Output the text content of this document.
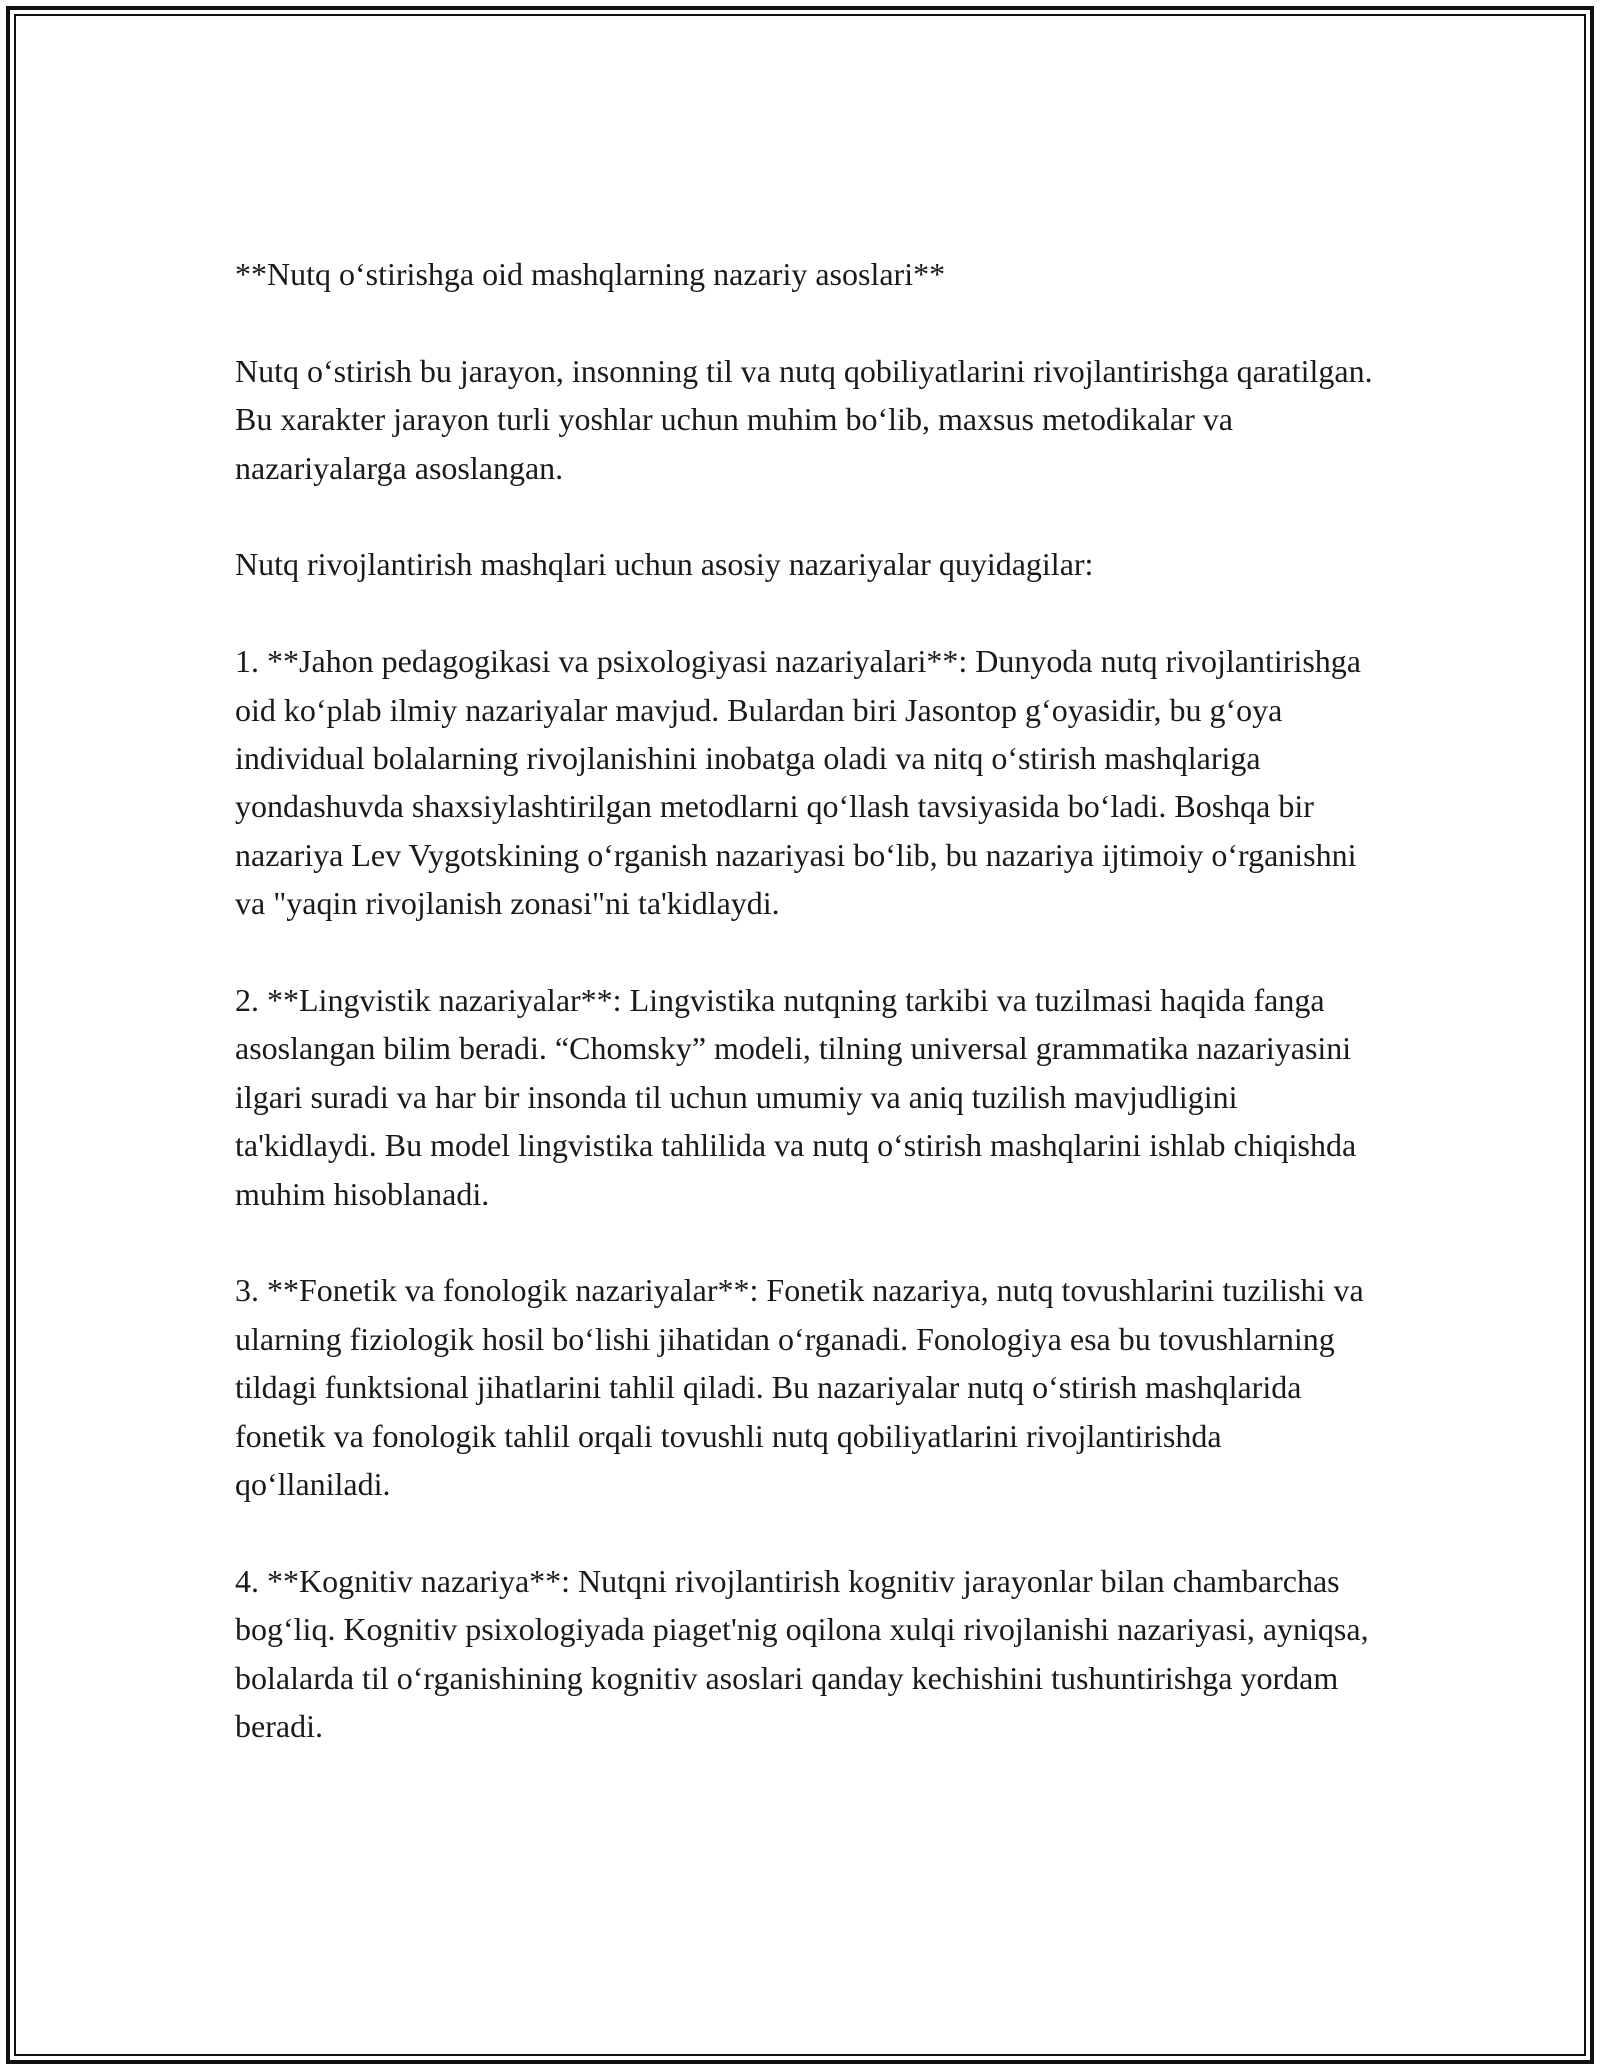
**Nutq o‘stirishga oid mashqlarning nazariy asoslari**

Nutq o‘stirish bu jarayon, insonning til va nutq qobiliyatlarini rivojlantirishga qaratilgan. Bu xarakter jarayon turli yoshlar uchun muhim bo‘lib, maxsus metodikalar va nazariyalarga asoslangan.

Nutq rivojlantirish mashqlari uchun asosiy nazariyalar quyidagilar:

1. **Jahon pedagogikasi va psixologiyasi nazariyalari**: Dunyoda nutq rivojlantirishga oid ko‘plab ilmiy nazariyalar mavjud. Bulardan biri Jasontop g‘oyasidir, bu g‘oya individual bolalarning rivojlanishini inobatga oladi va nitq o‘stirish mashqlariga yondashuvda shaxsiylashtirilgan metodlarni qo‘llash tavsiyasida bo‘ladi. Boshqa bir nazariya Lev Vygotskining o‘rganish nazariyasi bo‘lib, bu nazariya ijtimoiy o‘rganishni va "yaqin rivojlanish zonasi"ni ta'kidlaydi.

2. **Lingvistik nazariyalar**: Lingvistika nutqning tarkibi va tuzilmasi haqida fanga asoslangan bilim beradi. “Chomsky” modeli, tilning universal grammatika nazariyasini ilgari suradi va har bir insonda til uchun umumiy va aniq tuzilish mavjudligini ta'kidlaydi. Bu model lingvistika tahlilida va nutq o‘stirish mashqlarini ishlab chiqishda muhim hisoblanadi.

3. **Fonetik va fonologik nazariyalar**: Fonetik nazariya, nutq tovushlarini tuzilishi va ularning fiziologik hosil bo‘lishi jihatidan o‘rganadi. Fonologiya esa bu tovushlarning tildagi funktsional jihatlarini tahlil qiladi. Bu nazariyalar nutq o‘stirish mashqlarida fonetik va fonologik tahlil orqali tovushli nutq qobiliyatlarini rivojlantirishda qo‘llaniladi.

4. **Kognitiv nazariya**: Nutqni rivojlantirish kognitiv jarayonlar bilan chambarchas bog‘liq. Kognitiv psixologiyada piaget'nig oqilona xulqi rivojlanishi nazariyasi, ayniqsa, bolalarda til o‘rganishining kognitiv asoslari qanday kechishini tushuntirishga yordam beradi.
